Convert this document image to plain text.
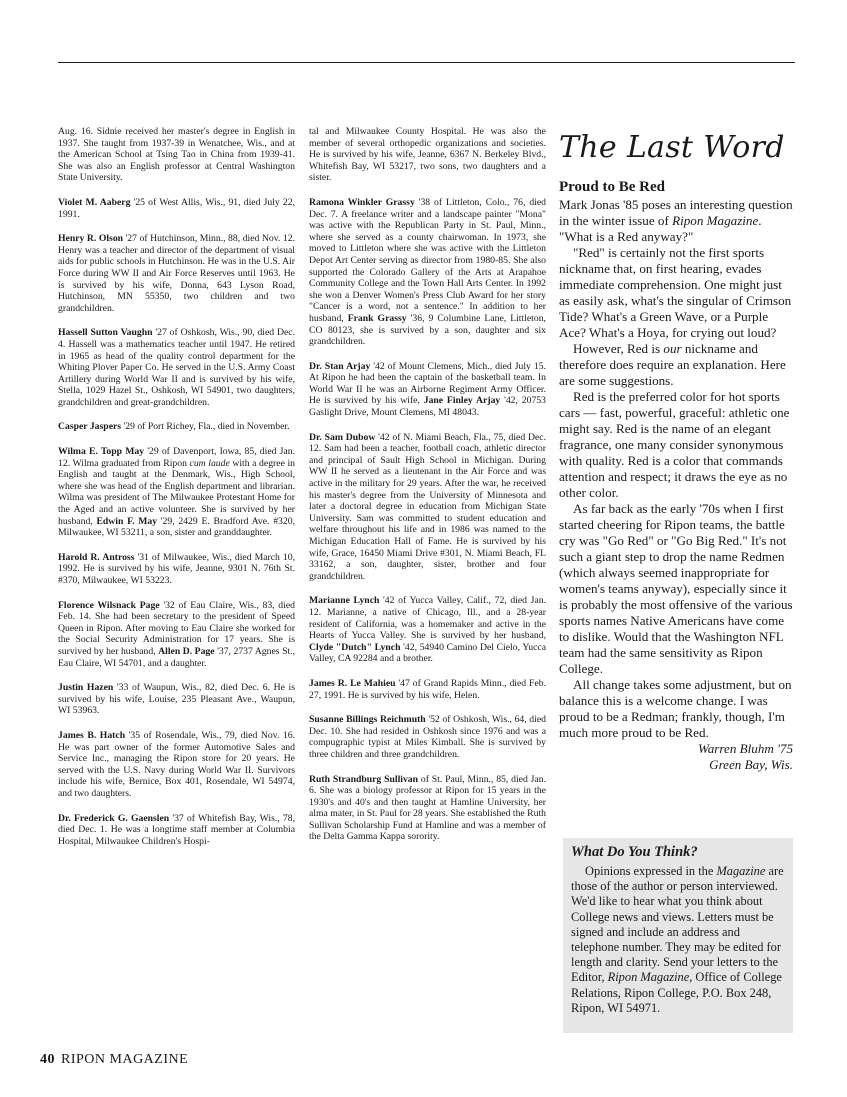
Aug. 16. Sidnie received her master's degree in English in 1937. She taught from 1937-39 in Wenatchee, Wis., and at the American School at Tsing Tao in China from 1939-41. She was also an English professor at Central Washington State University.

Violet M. Aaberg '25 of West Allis, Wis., 91, died July 22, 1991.

Henry R. Olson '27 of Hutchinson, Minn., 88, died Nov. 12. Henry was a teacher and director of the department of visual aids for public schools in Hutchinson. He was in the U.S. Air Force during WW II and Air Force Reserves until 1963. He is survived by his wife, Donna, 643 Lyson Road, Hutchinson, MN 55350, two children and two grandchildren.

Hassell Sutton Vaughn '27 of Oshkosh, Wis., 90, died Dec. 4. Hassell was a mathematics teacher until 1947. He retired in 1965 as head of the quality control department for the Whiting Plover Paper Co. He served in the U.S. Army Coast Artillery during World War II and is survived by his wife, Stella, 1029 Hazel St., Oshkosh, WI 54901, two daughters, grandchildren and great-grandchildren.

Casper Jaspers '29 of Port Richey, Fla., died in November.

Wilma E. Topp May '29 of Davenport, Iowa, 85, died Jan. 12. Wilma graduated from Ripon cum laude with a degree in English and taught at the Denmark, Wis., High School, where she was head of the English department and librarian. Wilma was president of The Milwaukee Protestant Home for the Aged and an active volunteer. She is survived by her husband, Edwin F. May '29, 2429 E. Bradford Ave. #320, Milwaukee, WI 53211, a son, sister and granddaughter.

Harold R. Antross '31 of Milwaukee, Wis., died March 10, 1992. He is survived by his wife, Jeanne, 9301 N. 76th St. #370, Milwaukee, WI 53223.

Florence Wilsnack Page '32 of Eau Claire, Wis., 83, died Feb. 14. She had been secretary to the president of Speed Queen in Ripon. After moving to Eau Claire she worked for the Social Security Administration for 17 years. She is survived by her husband, Allen D. Page '37, 2737 Agnes St., Eau Claire, WI 54701, and a daughter.

Justin Hazen '33 of Waupun, Wis., 82, died Dec. 6. He is survived by his wife, Louise, 235 Pleasant Ave., Waupun, WI 53963.

James B. Hatch '35 of Rosendale, Wis., 79, died Nov. 16. He was part owner of the former Automotive Sales and Service Inc., managing the Ripon store for 20 years. He served with the U.S. Navy during World War II. Survivors include his wife, Bernice, Box 401, Rosendale, WI 54974, and two daughters.

Dr. Frederick G. Gaenslen '37 of Whitefish Bay, Wis., 78, died Dec. 1. He was a longtime staff member at Columbia Hospital, Milwaukee Children's Hospi-

tal and Milwaukee County Hospital. He was also the member of several orthopedic organizations and societies. He is survived by his wife, Jeanne, 6367 N. Berkeley Blvd., Whitefish Bay, WI 53217, two sons, two daughters and a sister.

Ramona Winkler Grassy '38 of Littleton, Colo., 76, died Dec. 7. A freelance writer and a landscape painter "Mona" was active with the Republican Party in St. Paul, Minn., where she served as a county chairwoman. In 1973, she moved to Littleton where she was active with the Littleton Depot Art Center serving as director from 1980-85. She also supported the Colorado Gallery of the Arts at Arapahoe Community College and the Town Hall Arts Center. In 1992 she won a Denver Women's Press Club Award for her story "Cancer is a word, not a sentence." In addition to her husband, Frank Grassy '36, 9 Columbine Lane, Littleton, CO 80123, she is survived by a son, daughter and six grandchildren.

Dr. Stan Arjay '42 of Mount Clemens, Mich., died July 15. At Ripon he had been the captain of the basketball team. In World War II he was an Airborne Regiment Army Officer. He is survived by his wife, Jane Finley Arjay '42, 20753 Gaslight Drive, Mount Clemens, MI 48043.

Dr. Sam Dubow '42 of N. Miami Beach, Fla., 75, died Dec. 12. Sam had been a teacher, football coach, athletic director and principal of Sault High School in Michigan. During WW II he served as a lieutenant in the Air Force and was active in the military for 29 years. After the war, he received his master's degree from the University of Minnesota and later a doctoral degree in education from Michigan State University. Sam was committed to student education and welfare throughout his life and in 1986 was named to the Michigan Education Hall of Fame. He is survived by his wife, Grace, 16450 Miami Drive #301, N. Miami Beach, FL 33162, a son, daughter, sister, brother and four grandchildren.

Marianne Lynch '42 of Yucca Valley, Calif., 72, died Jan. 12. Marianne, a native of Chicago, Ill., and a 28-year resident of California, was a homemaker and active in the Hearts of Yucca Valley. She is survived by her husband, Clyde "Dutch" Lynch '42, 54940 Camino Del Cielo, Yucca Valley, CA 92284 and a brother.

James R. Le Mahieu '47 of Grand Rapids Minn., died Feb. 27, 1991. He is survived by his wife, Helen.

Susanne Billings Reichmuth '52 of Oshkosh, Wis., 64, died Dec. 10. She had resided in Oshkosh since 1976 and was a compugraphic typist at Miles Kimball. She is survived by three children and three grandchildren.

Ruth Strandburg Sullivan of St. Paul, Minn., 85, died Jan. 6. She was a biology professor at Ripon for 15 years in the 1930's and 40's and then taught at Hamline University, her alma mater, in St. Paul for 28 years. She established the Ruth Sullivan Scholarship Fund at Hamline and was a member of the Delta Gamma Kappa sorority.

The Last Word
Proud to Be Red

Mark Jonas '85 poses an interesting question in the winter issue of Ripon Magazine. "What is a Red anyway?"

"Red" is certainly not the first sports nickname that, on first hearing, evades immediate comprehension. One might just as easily ask, what's the singular of Crimson Tide? What's a Green Wave, or a Purple Ace? What's a Hoya, for crying out loud?

However, Red is our nickname and therefore does require an explanation. Here are some suggestions.

Red is the preferred color for hot sports cars — fast, powerful, graceful: athletic one might say. Red is the name of an elegant fragrance, one many consider synonymous with quality. Red is a color that commands attention and respect; it draws the eye as no other color.

As far back as the early '70s when I first started cheering for Ripon teams, the battle cry was "Go Red" or "Go Big Red." It's not such a giant step to drop the name Redmen (which always seemed inappropriate for women's teams anyway), especially since it is probably the most offensive of the various sports names Native Americans have come to dislike. Would that the Washington NFL team had the same sensitivity as Ripon College.

All change takes some adjustment, but on balance this is a welcome change. I was proud to be a Redman; frankly, though, I'm much more proud to be Red.

Warren Bluhm '75
Green Bay, Wis.
What Do You Think?

Opinions expressed in the Magazine are those of the author or person interviewed. We'd like to hear what you think about College news and views. Letters must be signed and include an address and telephone number. They may be edited for length and clarity. Send your letters to the Editor, Ripon Magazine, Office of College Relations, Ripon College, P.O. Box 248, Ripon, WI 54971.

40 RIPON MAGAZINE
